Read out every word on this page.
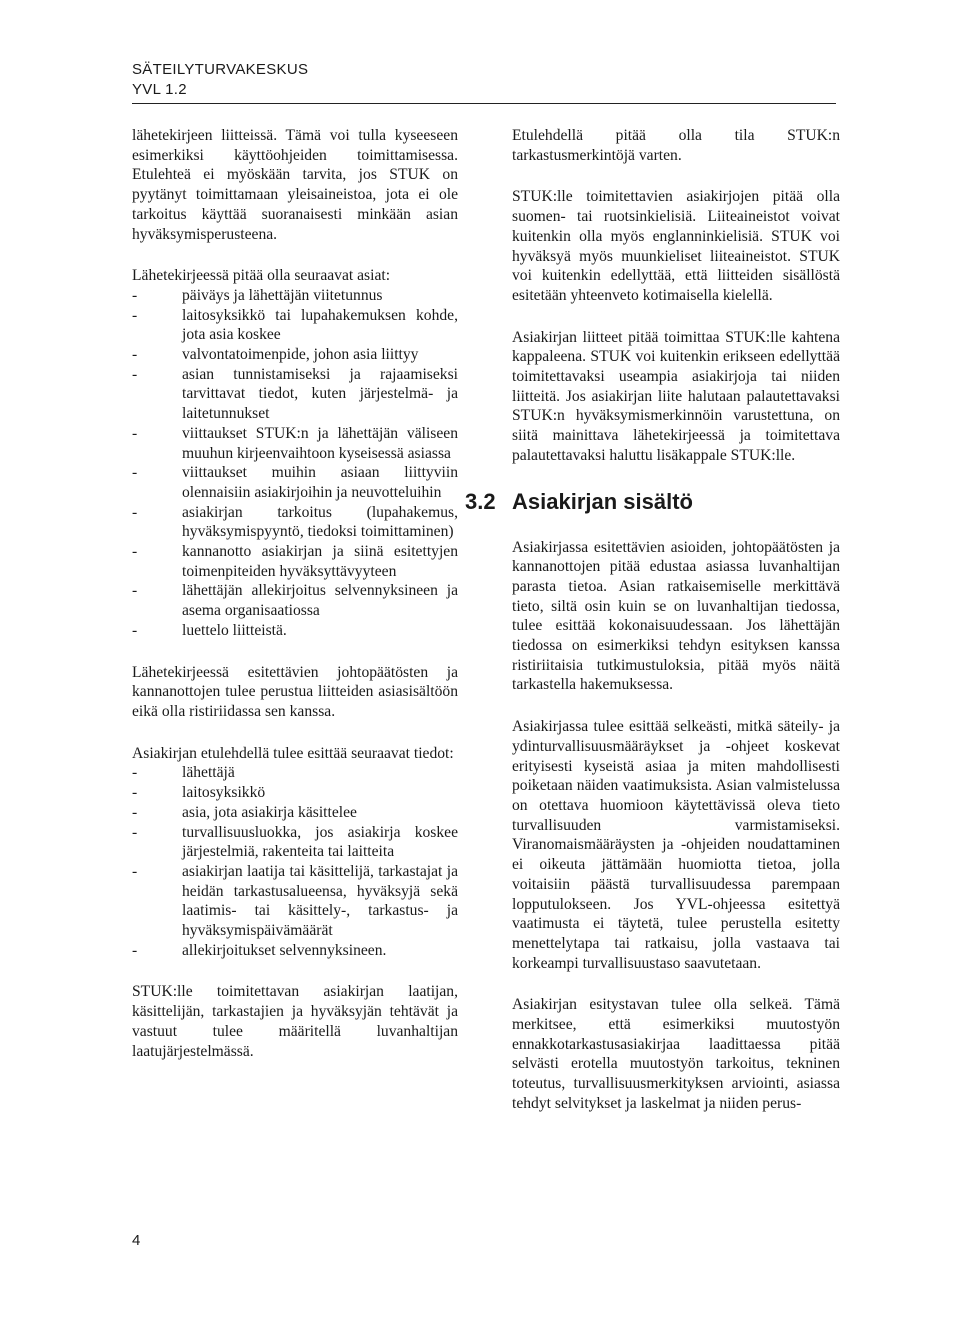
SÄTEILYTURVAKESKUS
YVL 1.2

lähetekirjeen liitteissä. Tämä voi tulla kyseeseen esimerkiksi käyttöohjeiden toimittamisessa. Etulehteä ei myöskään tarvita, jos STUK on pyytänyt toimittamaan yleisaineistoa, jota ei ole tarkoitus käyttää suoranaisesti minkään asian hyväksymisperusteena.

Lähetekirjeessä pitää olla seuraavat asiat:
- päiväys ja lähettäjän viitetunnus
- laitosyksikkö tai lupahakemuksen kohde, jota asia koskee
- valvontatoimenpide, johon asia liittyy
- asian tunnistamiseksi ja rajaamiseksi tarvittavat tiedot, kuten järjestelmä- ja laitetunnukset
- viittaukset STUK:n ja lähettäjän väliseen muuhun kirjeenvaihtoon kyseisessä asiassa
- viittaukset muihin asiaan liittyviin olennaisiin asiakirjoihin ja neuvotteluihin
- asiakirjan tarkoitus (lupahakemus, hyväksymispyyntö, tiedoksi toimittaminen)
- kannanotto asiakirjan ja siinä esitettyjen toimenpiteiden hyväksyttävyyteen
- lähettäjän allekirjoitus selvennyksineen ja asema organisaatiossa
- luettelo liitteistä.

Lähetekirjeessä esitettävien johtopäätösten ja kannanottojen tulee perustua liitteiden asiasisältöön eikä olla ristiriidassa sen kanssa.

Asiakirjan etulehdellä tulee esittää seuraavat tiedot:
- lähettäjä
- laitosyksikkö
- asia, jota asiakirja käsittelee
- turvallisuusluokka, jos asiakirja koskee järjestelmiä, rakenteita tai laitteita
- asiakirjan laatija tai käsittelijä, tarkastajat ja heidän tarkastusalueensa, hyväksyjä sekä laatimis- tai käsittely-, tarkastus- ja hyväksymispäivämäärät
- allekirjoitukset selvennyksineen.

STUK:lle toimitettavan asiakirjan laatijan, käsittelijän, tarkastajien ja hyväksyjän tehtävät ja vastuut tulee määritellä luvanhaltijan laatujärjestelmässä.

Etulehdellä pitää olla tila STUK:n tarkastusmerkintöjä varten.

STUK:lle toimitettavien asiakirjojen pitää olla suomen- tai ruotsinkielisiä. Liiteaineistot voivat kuitenkin olla myös englanninkielisiä. STUK voi hyväksyä myös muunkieliset liiteaineistot. STUK voi kuitenkin edellyttää, että liitteiden sisällöstä esitetään yhteenveto kotimaisella kielellä.

Asiakirjan liitteet pitää toimittaa STUK:lle kahtena kappaleena. STUK voi kuitenkin erikseen edellyttää toimitettavaksi useampia asiakirjoja tai niiden liitteitä. Jos asiakirjan liite halutaan palautettavaksi STUK:n hyväksymismerkinnöin varustettuna, on siitä mainittava lähetekirjeessä ja toimitettava palautettavaksi haluttu lisäkappale STUK:lle.

3.2 Asiakirjan sisältö

Asiakirjassa esitettävien asioiden, johtopäätösten ja kannanottojen pitää edustaa asiassa luvanhaltijan parasta tietoa. Asian ratkaisemiselle merkittävä tieto, siltä osin kuin se on luvanhaltijan tiedossa, tulee esittää kokonaisuudessaan. Jos lähettäjän tiedossa on esimerkiksi tehdyn esityksen kanssa ristiriitaisia tutkimustuloksia, pitää myös näitä tarkastella hakemuksessa.

Asiakirjassa tulee esittää selkeästi, mitkä säteily- ja ydinturvallisuusmääräykset ja -ohjeet koskevat erityisesti kyseistä asiaa ja miten mahdollisesti poiketaan näiden vaatimuksista. Asian valmistelussa on otettava huomioon käytettävissä oleva tieto turvallisuuden varmistamiseksi. Viranomaismääräysten ja -ohjeiden noudattaminen ei oikeuta jättämään huomiotta tietoa, jolla voitaisiin päästä turvallisuudessa parempaan lopputulokseen. Jos YVL-ohjeessa esitettyä vaatimusta ei täytetä, tulee perustella esitetty menettelytapa tai ratkaisu, jolla vastaava tai korkeampi turvallisuustaso saavutetaan.

Asiakirjan esitystavan tulee olla selkeä. Tämä merkitsee, että esimerkiksi muutostyön ennakkotarkastusasiakirjaa laadittaessa pitää selvästi erotella muutostyön tarkoitus, tekninen toteutus, turvallisuusmerkityksen arviointi, asiassa tehdyt selvitykset ja laskelmat ja niiden perus-

4
